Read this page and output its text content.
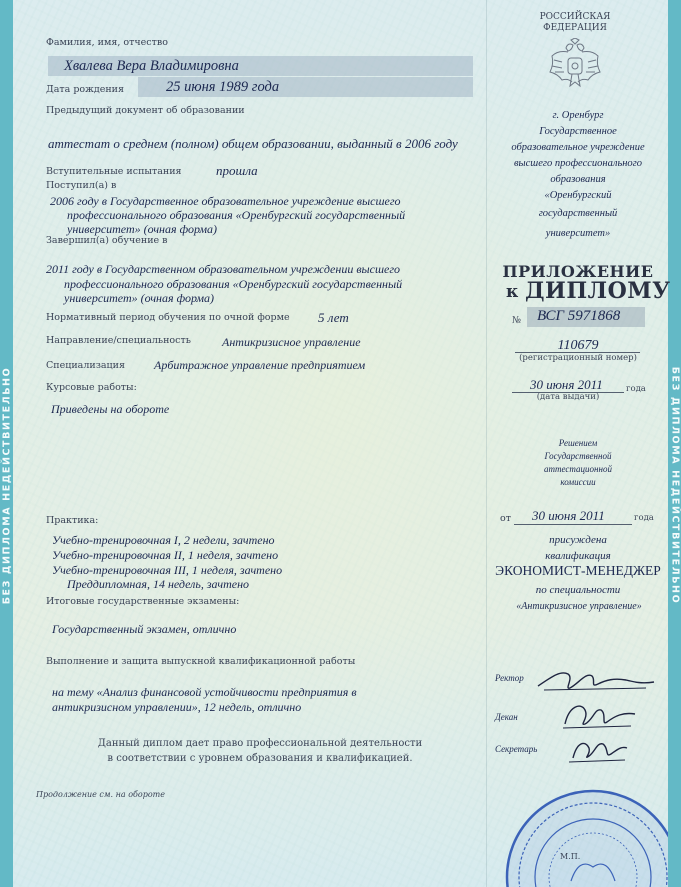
БЕЗ ДИПЛОМА НЕДЕЙСТВИТЕЛЬНО	БЕЗ ДИПЛОМА НЕДЕЙСТВИТЕЛЬНО
Фамилия, имя, отчество
Хвалева Вера Владимировна
Дата рождения	25 июня 1989 года
Предыдущий документ об образовании
аттестат о среднем (полном) общем образовании, выданный в 2006 году
Вступительные испытания	прошла
Поступил(а) в
2006 году в Государственное образовательное учреждение высшего
профессионального образования «Оренбургский государственный
университет» (очная форма)
Завершил(а) обучение в
2011 году в Государственном образовательном учреждении высшего
профессионального образования «Оренбургский государственный
университет» (очная форма)
Нормативный период обучения по очной форме 5 лет
Направление/специальность	Антикризисное управление
Специализация Арбитражное управление предприятием
Курсовые работы:
Приведены на обороте
Практика:
Учебно-тренировочная I, 2 недели, зачтено
Учебно-тренировочная II, 1 неделя, зачтено
Учебно-тренировочная III, 1 неделя, зачтено
Преддипломная, 14 недель, зачтено
Итоговые государственные экзамены:
Государственный экзамен, отлично
Выполнение и защита выпускной квалификационной работы
на тему «Анализ финансовой устойчивости предприятия в
антикризисном управлении», 12 недель, отлично
Данный диплом дает право профессиональной деятельности
в соответствии с уровнем образования и квалификацией.
Продолжение см. на обороте
РОССИЙСКАЯ
ФЕДЕРАЦИЯ
г. Оренбург
Государственное
образовательное учреждение
высшего профессионального
образования
«Оренбургский
государственный
университет»
ПРИЛОЖЕНИЕ
к ДИПЛОМУ
№ ВСГ 5971868
110679
(регистрационный номер)
30 июня 2011	года
(дата выдачи)
Решением
Государственной
аттестационной
комиссии
от 30 июня 2011	года
присуждена
квалификация
ЭКОНОМИСТ-МЕНЕДЖЕР
по специальности
«Антикризисное управление»
Ректор
Декан
Секретарь
М.П.
